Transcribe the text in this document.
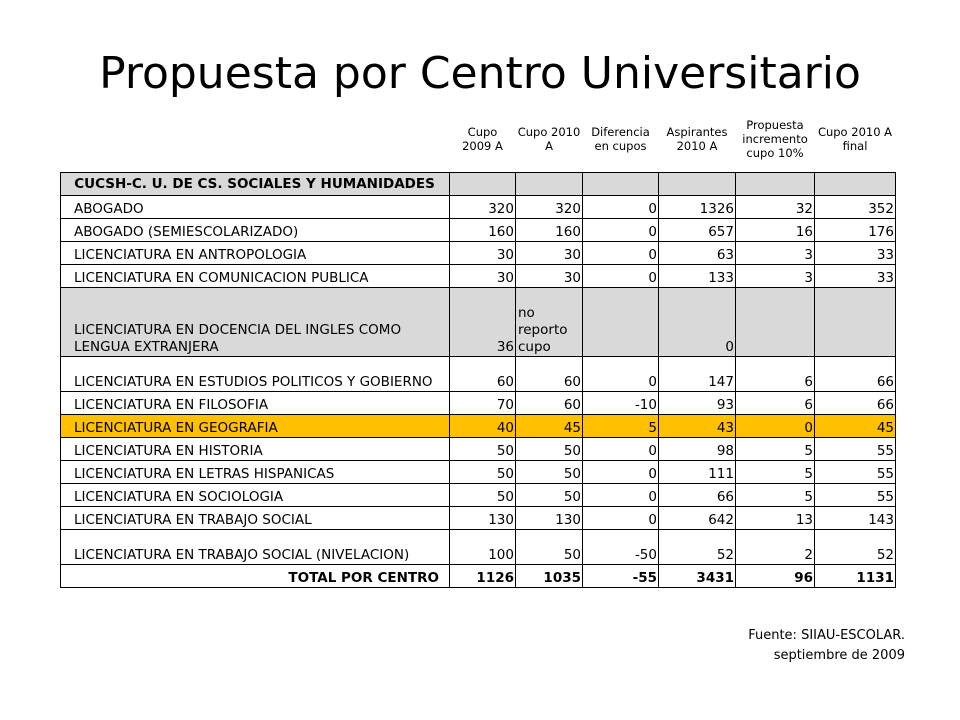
Propuesta por Centro Universitario
	Cupo 2009 A	Cupo 2010 A	Diferencia en cupos	Aspirantes 2010 A	Propuesta incremento cupo 10%	Cupo 2010 A final
CUCSH-C. U. DE CS. SOCIALES Y HUMANIDADES						
ABOGADO	320	320	0	1326	32	352
ABOGADO (SEMIESCOLARIZADO)	160	160	0	657	16	176
LICENCIATURA EN ANTROPOLOGIA	30	30	0	63	3	33
LICENCIATURA EN COMUNICACION PUBLICA	30	30	0	133	3	33
LICENCIATURA EN DOCENCIA DEL INGLES COMO LENGUA EXTRANJERA	36	no reporto cupo		0		
LICENCIATURA EN ESTUDIOS POLITICOS Y GOBIERNO	60	60	0	147	6	66
LICENCIATURA EN FILOSOFIA	70	60	-10	93	6	66
LICENCIATURA EN GEOGRAFIA	40	45	5	43	0	45
LICENCIATURA EN HISTORIA	50	50	0	98	5	55
LICENCIATURA EN LETRAS HISPANICAS	50	50	0	111	5	55
LICENCIATURA EN SOCIOLOGIA	50	50	0	66	5	55
LICENCIATURA EN TRABAJO SOCIAL	130	130	0	642	13	143
LICENCIATURA EN TRABAJO SOCIAL (NIVELACION)	100	50	-50	52	2	52
TOTAL POR CENTRO	1126	1035	-55	3431	96	1131
Fuente: SIIAU-ESCOLAR.
septiembre de 2009
